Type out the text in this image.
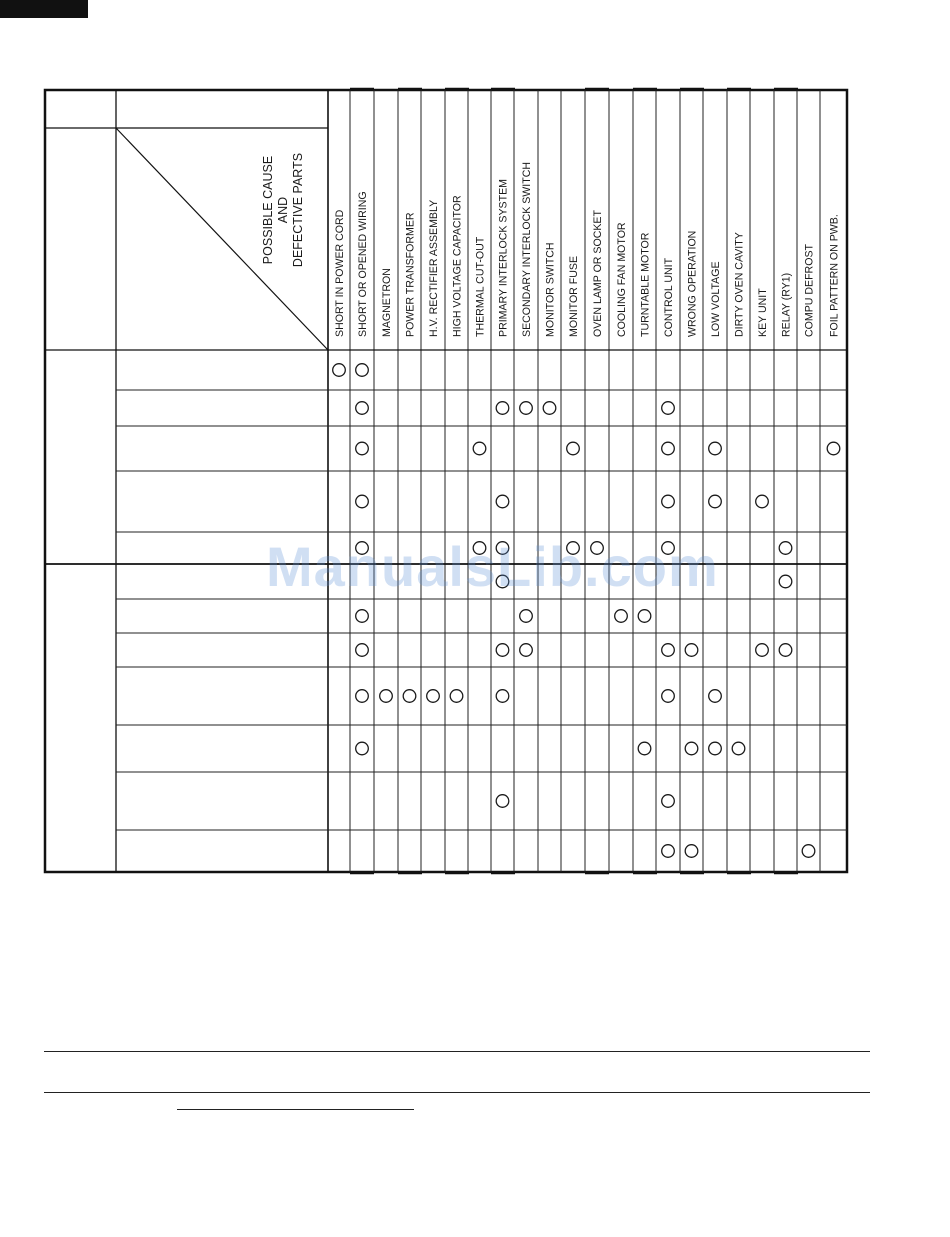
SHORT IN POWER CORD SHORT OR OPENED WIRING MAGNETRON POWER TRANSFORMER H.V. RECTIFIER ASSEMBLY HIGH VOLTAGE CAPACITOR THERMAL CUT-OUT PRIMARY INTERLOCK SYSTEM SECONDARY INTERLOCK SWITCH MONITOR SWITCH MONITOR FUSE OVEN LAMP OR SOCKET COOLING FAN MOTOR TURNTABLE MOTOR CONTROL UNIT WRONG OPERATION LOW VOLTAGE DIRTY OVEN CAVITY KEY UNIT RELAY (RY1) COMPU DEFROST FOIL PATTERN ON PWB.
POSSIBLE CAUSE AND DEFECTIVE PARTS
ManualsLib.com
